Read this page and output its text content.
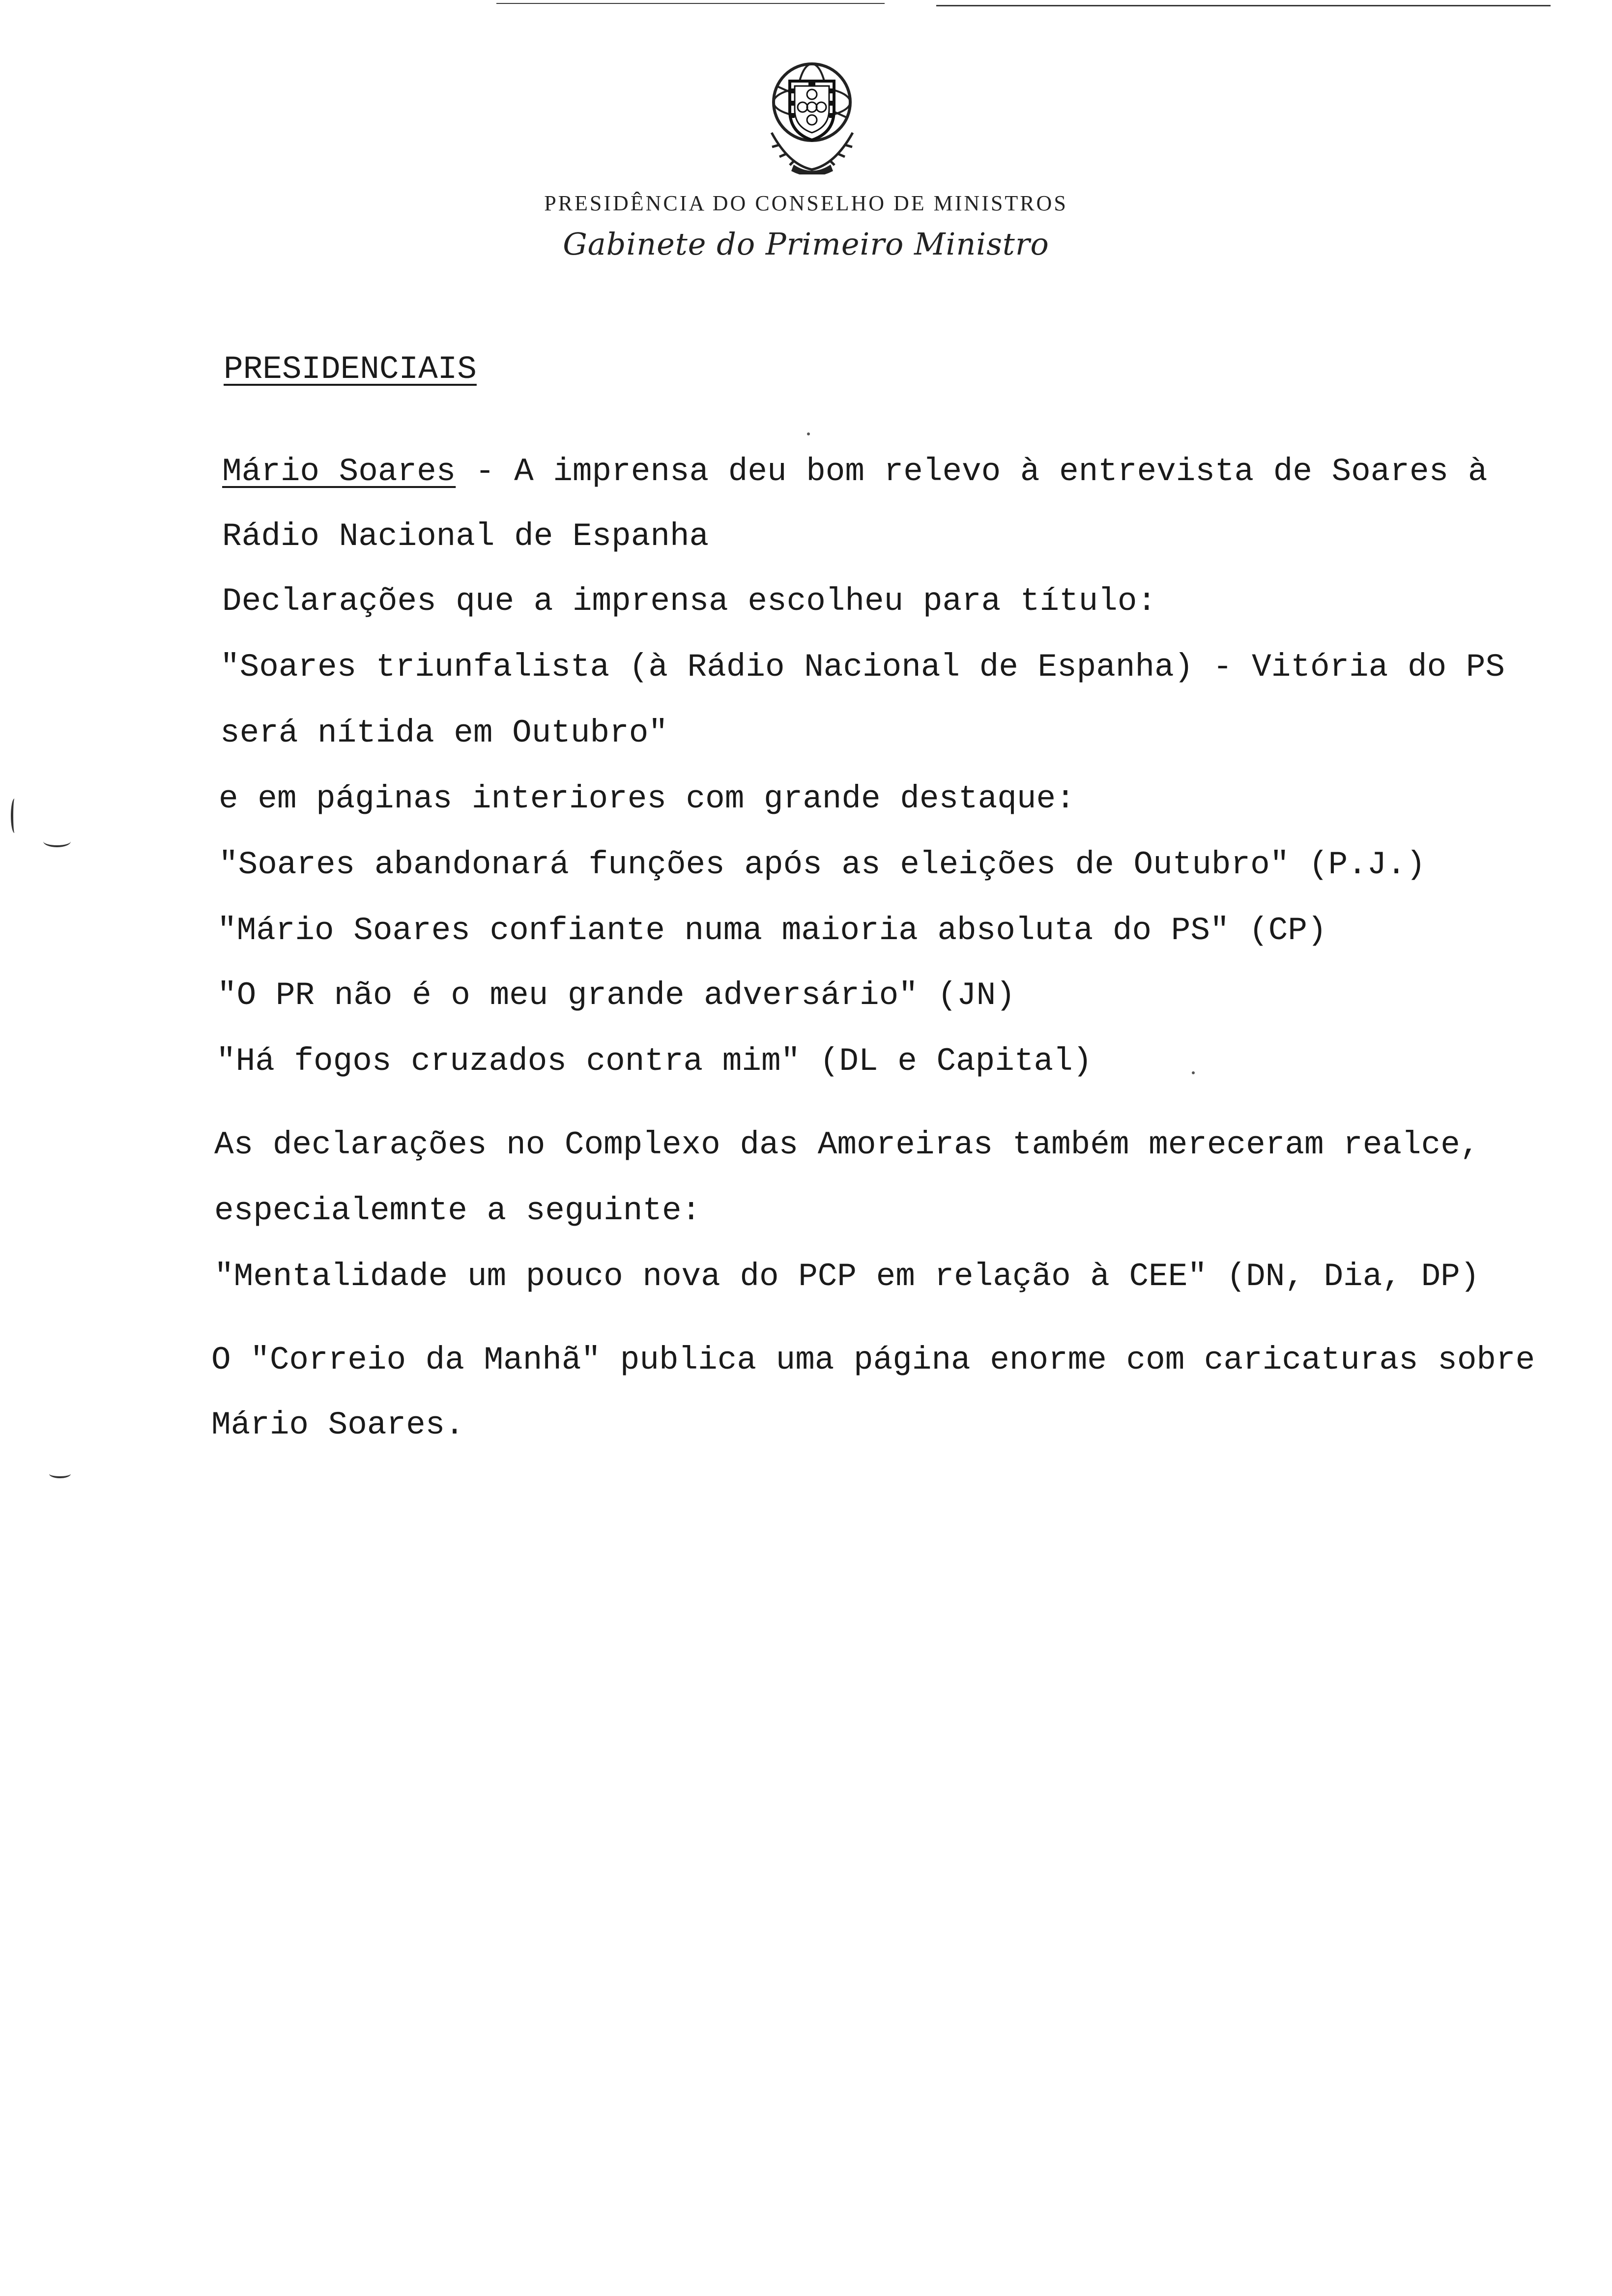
PRESIDÊNCIA DO CONSELHO DE MINISTROS
Gabinete do Primeiro Ministro
PRESIDENCIAIS
Mário Soares - A imprensa deu bom relevo à entrevista de Soares à
Rádio Nacional de Espanha
Declarações que a imprensa escolheu para título:
"Soares triunfalista (à Rádio Nacional de Espanha) - Vitória do PS
será nítida em Outubro"
e em páginas interiores com grande destaque:
"Soares abandonará funções após as eleições de Outubro" (P.J.)
"Mário Soares confiante numa maioria absoluta do PS" (CP)
"O PR não é o meu grande adversário" (JN)
"Há fogos cruzados contra mim" (DL e Capital)
As declarações no Complexo das Amoreiras também mereceram realce,
especialemnte a seguinte:
"Mentalidade um pouco nova do PCP em relação à CEE" (DN, Dia, DP)
O "Correio da Manhã" publica uma página enorme com caricaturas sobre
Mário Soares.
